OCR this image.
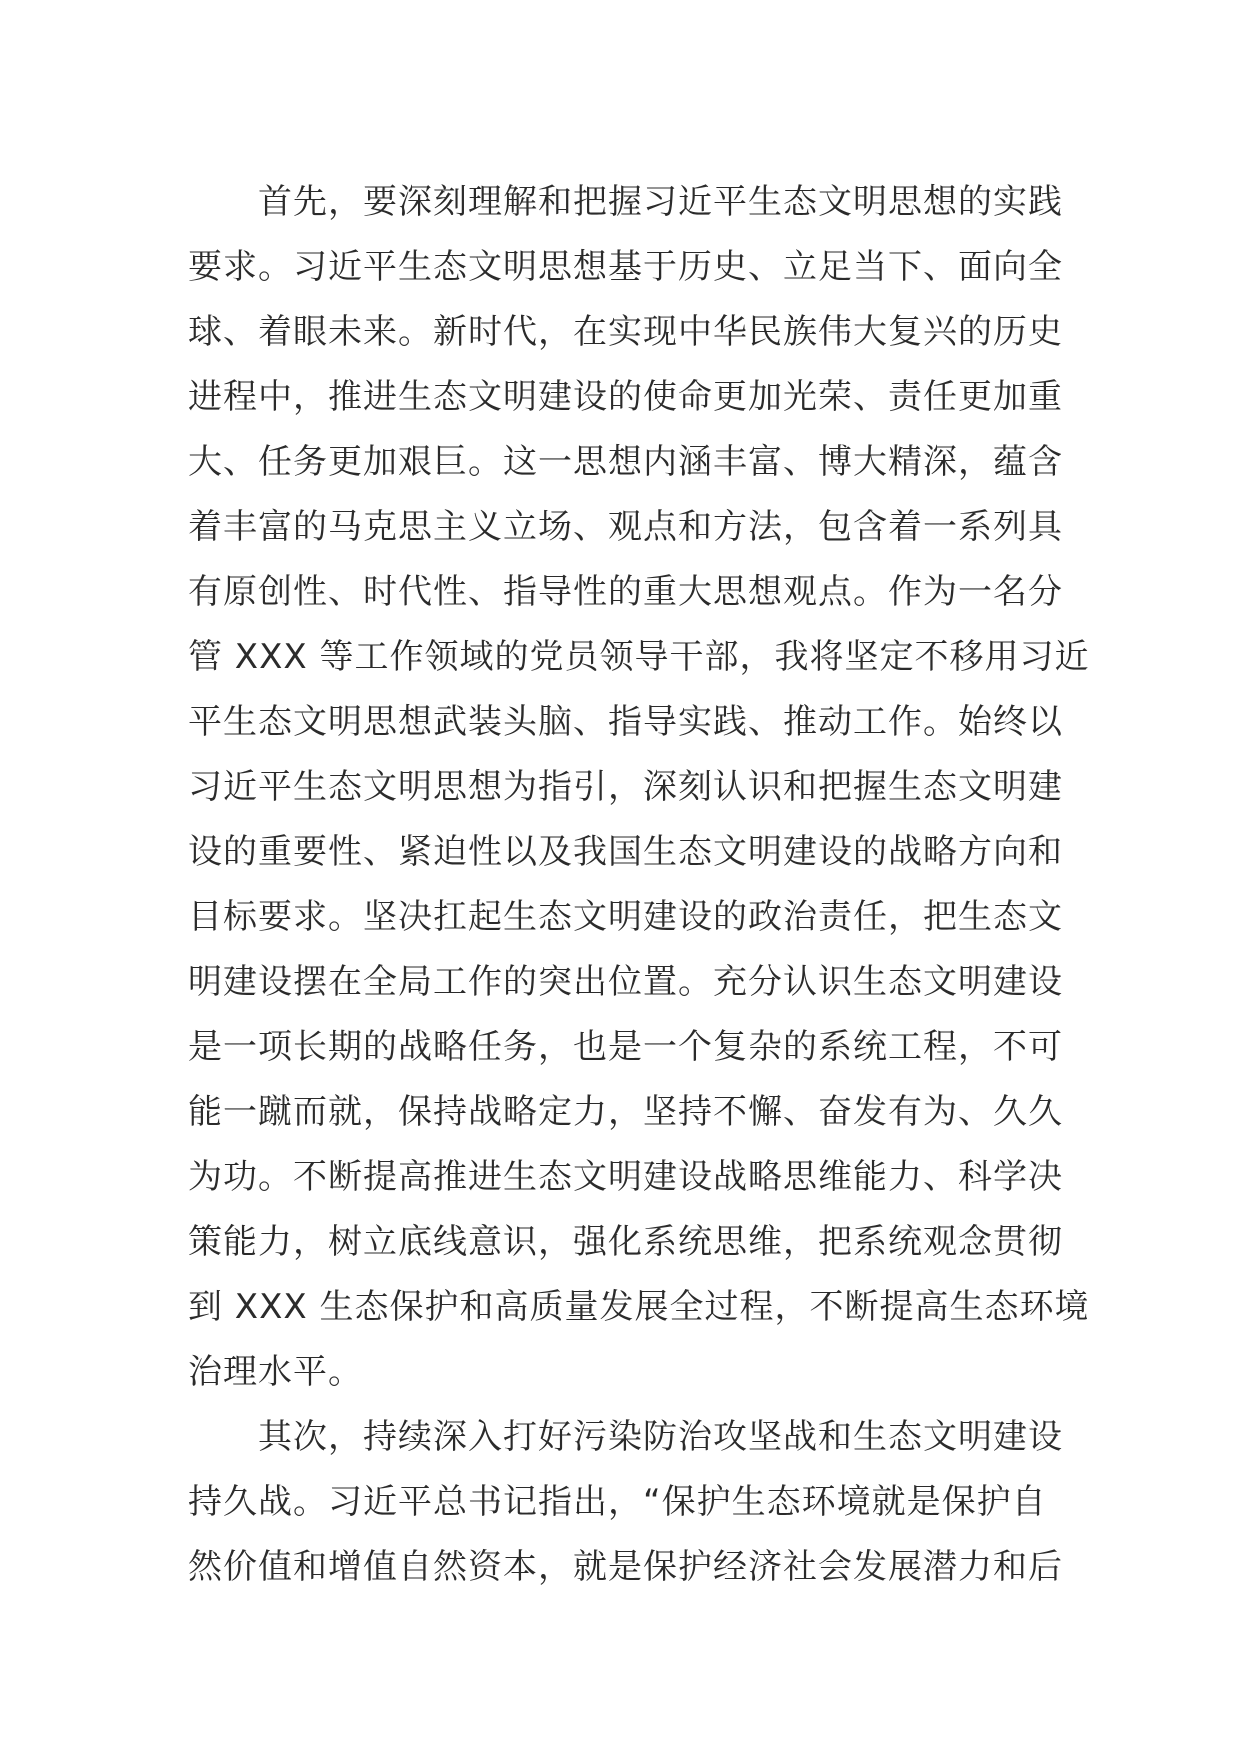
　　首先，要深刻理解和把握习近平生态文明思想的实践
要求。习近平生态文明思想基于历史、立足当下、面向全
球、着眼未来。新时代，在实现中华民族伟大复兴的历史
进程中，推进生态文明建设的使命更加光荣、责任更加重
大、任务更加艰巨。这一思想内涵丰富、博大精深，蕴含
着丰富的马克思主义立场、观点和方法，包含着一系列具
有原创性、时代性、指导性的重大思想观点。作为一名分
管 XXX 等工作领域的党员领导干部，我将坚定不移用习近
平生态文明思想武装头脑、指导实践、推动工作。始终以
习近平生态文明思想为指引，深刻认识和把握生态文明建
设的重要性、紧迫性以及我国生态文明建设的战略方向和
目标要求。坚决扛起生态文明建设的政治责任，把生态文
明建设摆在全局工作的突出位置。充分认识生态文明建设
是一项长期的战略任务，也是一个复杂的系统工程，不可
能一蹴而就，保持战略定力，坚持不懈、奋发有为、久久
为功。不断提高推进生态文明建设战略思维能力、科学决
策能力，树立底线意识，强化系统思维，把系统观念贯彻
到 XXX 生态保护和高质量发展全过程，不断提高生态环境
治理水平。
　　其次，持续深入打好污染防治攻坚战和生态文明建设
持久战。习近平总书记指出，“保护生态环境就是保护自
然价值和增值自然资本，就是保护经济社会发展潜力和后
